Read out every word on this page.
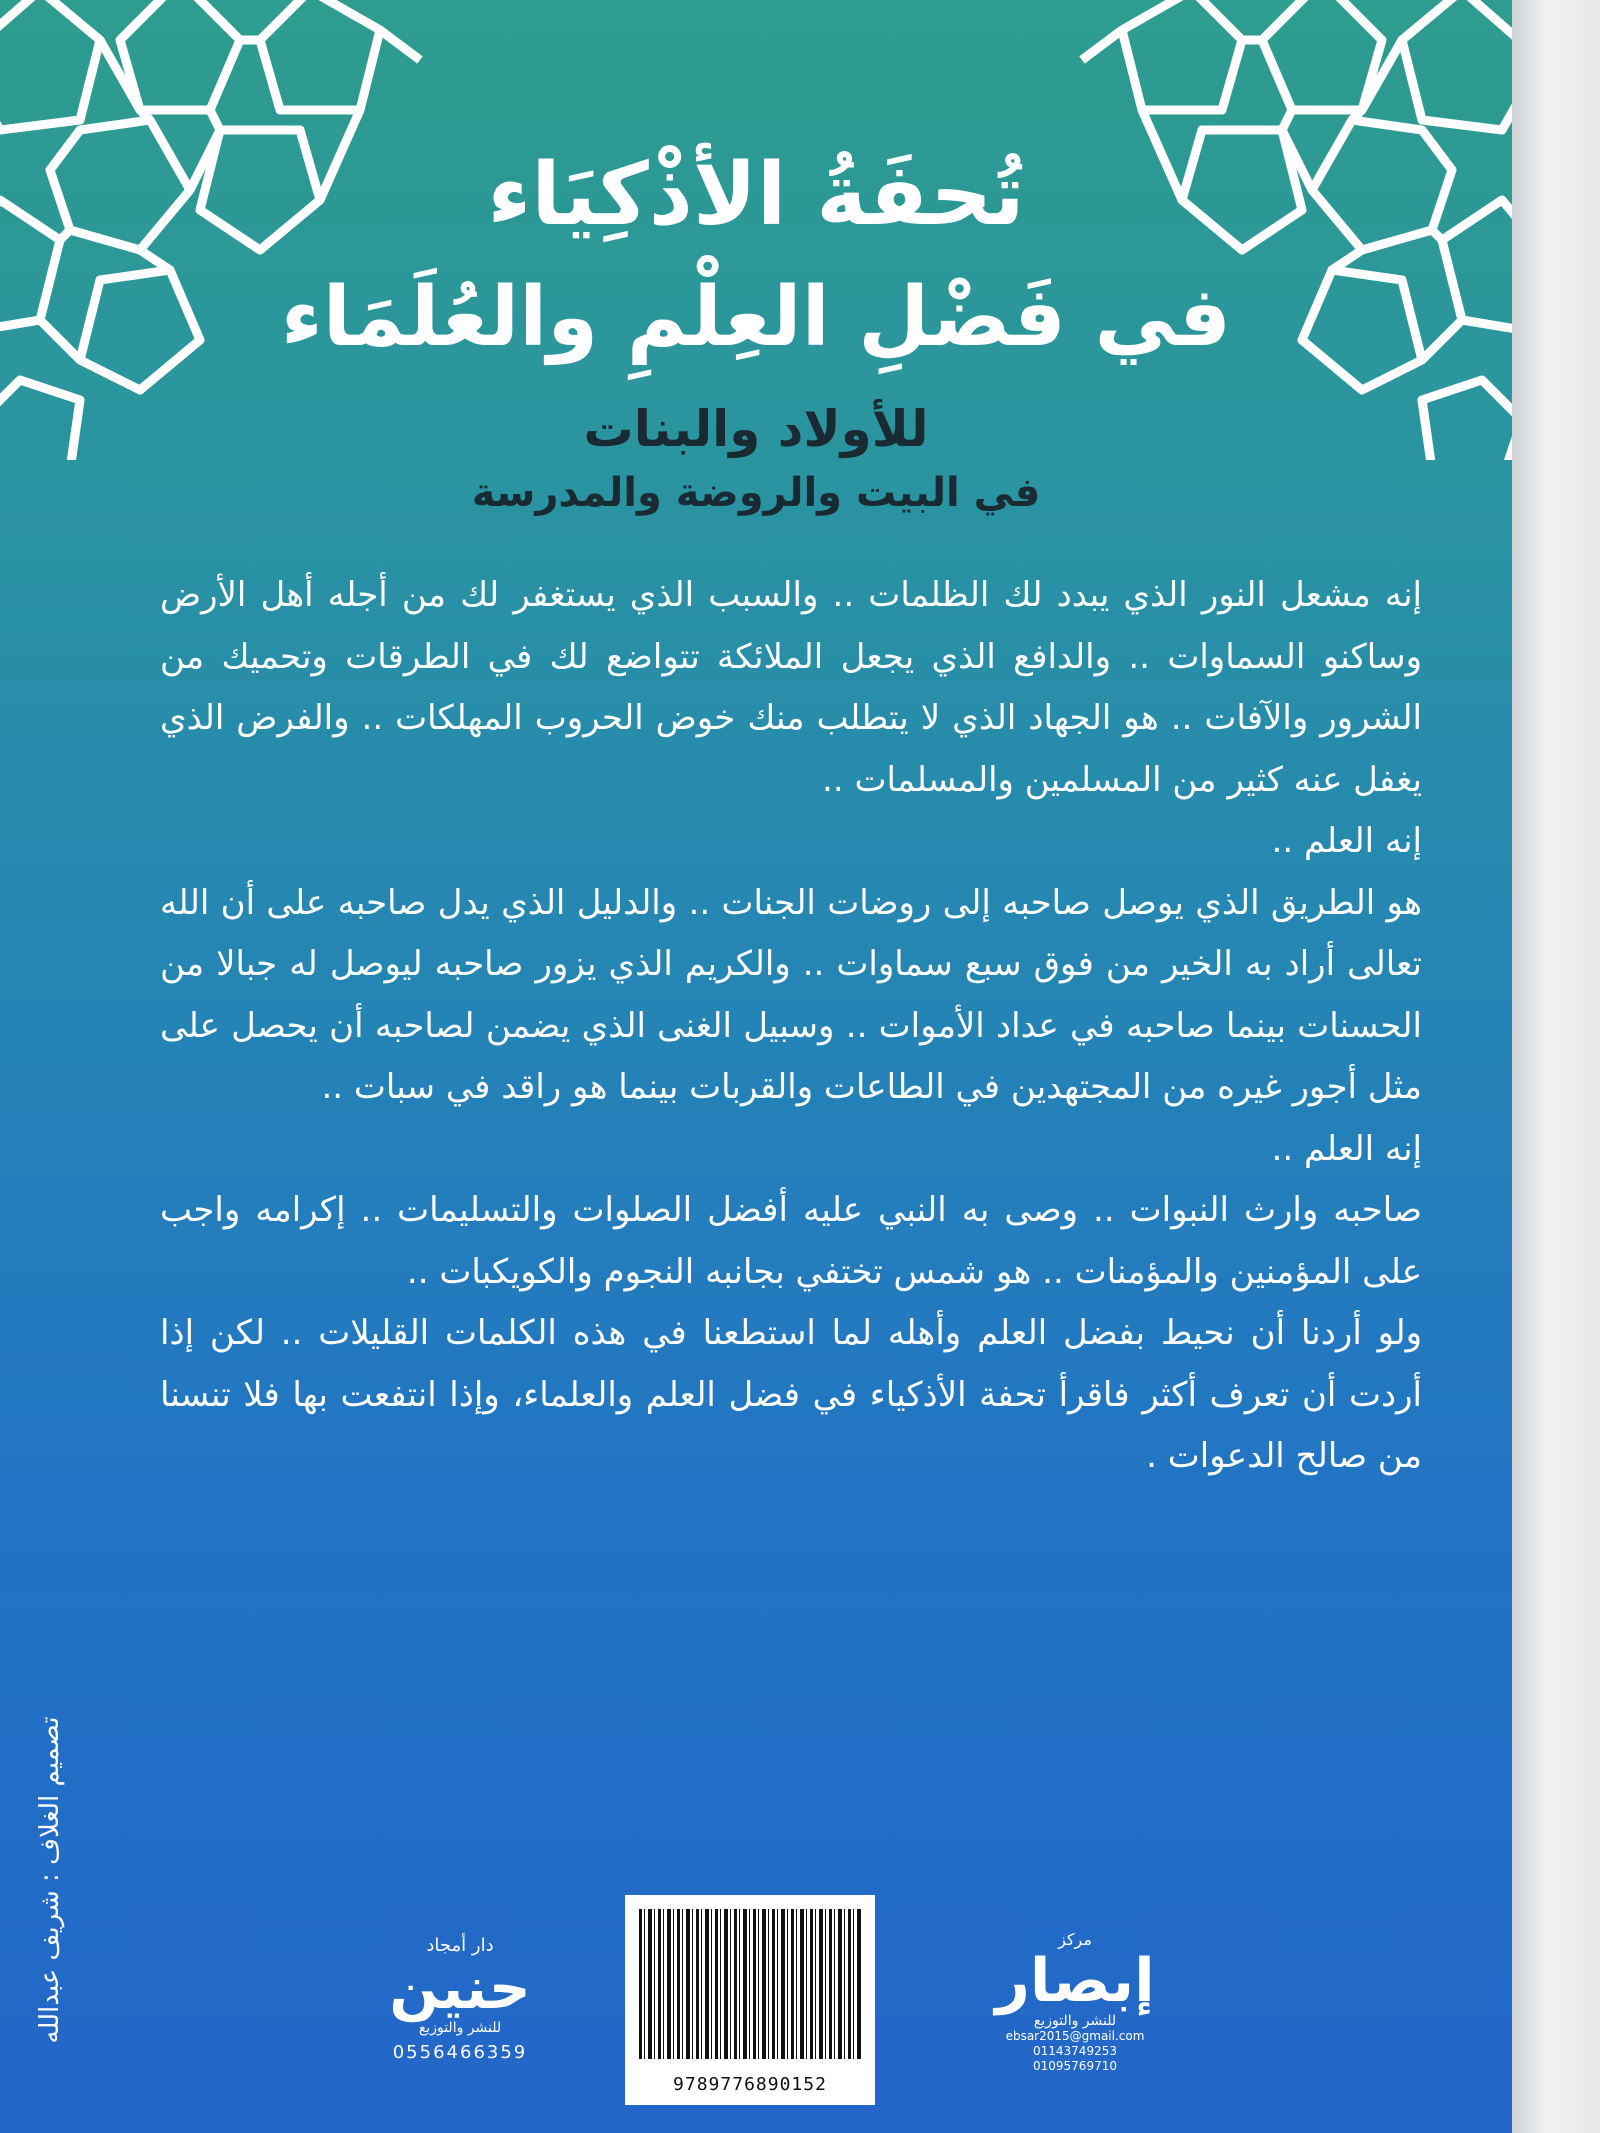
تُحفَةُ الأذْكِيَاء
في فَضْلِ العِلْمِ والعُلَمَاء
للأولاد والبنات
في البيت والروضة والمدرسة

إنه مشعل النور الذي يبدد لك الظلمات .. والسبب الذي يستغفر لك من أجله أهل الأرض وساكنو السماوات .. والدافع الذي يجعل الملائكة تتواضع لك في الطرقات وتحميك من الشرور والآفات .. هو الجهاد الذي لا يتطلب منك خوض الحروب المهلكات .. والفرض الذي يغفل عنه كثير من المسلمين والمسلمات ..

إنه العلم ..

هو الطريق الذي يوصل صاحبه إلى روضات الجنات .. والدليل الذي يدل صاحبه على أن الله تعالى أراد به الخير من فوق سبع سماوات .. والكريم الذي يزور صاحبه ليوصل له جبالا من الحسنات بينما صاحبه في عداد الأموات .. وسبيل الغنى الذي يضمن لصاحبه أن يحصل على مثل أجور غيره من المجتهدين في الطاعات والقربات بينما هو راقد في سبات ..

إنه العلم ..

صاحبه وارث النبوات .. وصى به النبي عليه أفضل الصلوات والتسليمات .. إكرامه واجب على المؤمنين والمؤمنات .. هو شمس تختفي بجانبه النجوم والكويكبات ..

ولو أردنا أن نحيط بفضل العلم وأهله لما استطعنا في هذه الكلمات القليلات .. لكن إذا أردت أن تعرف أكثر فاقرأ تحفة الأذكياء في فضل العلم والعلماء، وإذا انتفعت بها فلا تنسنا من صالح الدعوات .

تصميم الغلاف : شريف عبدالله	دار أمجاد
حنين
للنشر والتوزيع
0556466359
9789776890152
مركز
إبصار
للنشر والتوزيع
ebsar2015@gmail.com
01143749253
01095769710
